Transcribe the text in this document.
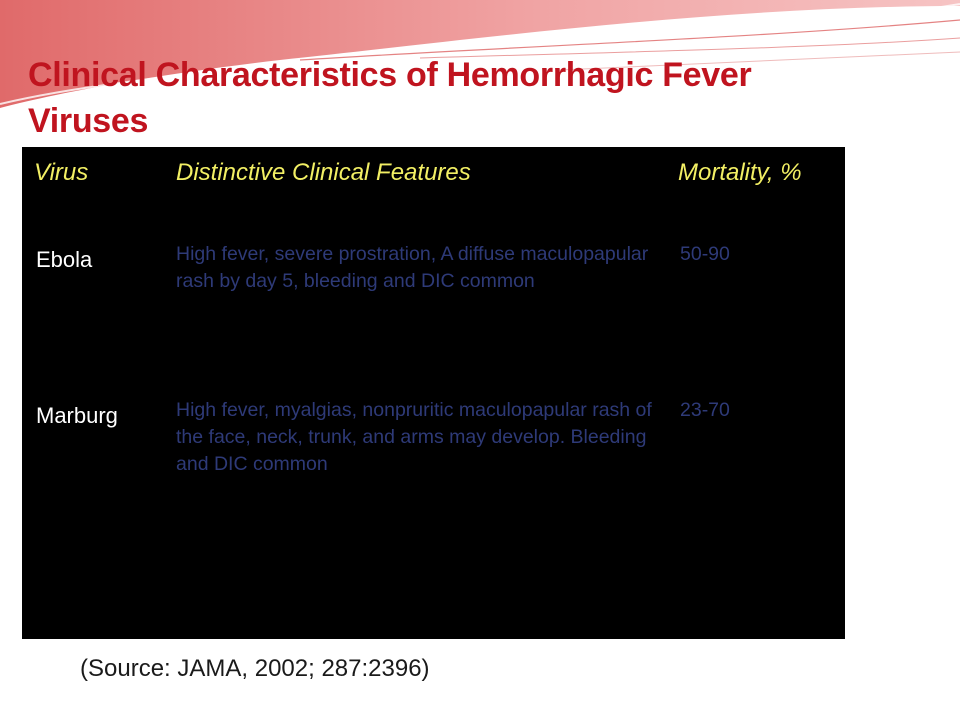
Clinical Characteristics of Hemorrhagic Fever Viruses
Virus	Distinctive Clinical Features	Mortality, %
Ebola	High fever, severe prostration, A diffuse maculopapular rash by day 5, bleeding and DIC common	50-90
Marburg	High fever, myalgias, nonpruritic maculopapular rash of the face, neck, trunk, and arms may develop. Bleeding and DIC common	23-70

(Source: JAMA, 2002; 287:2396)
